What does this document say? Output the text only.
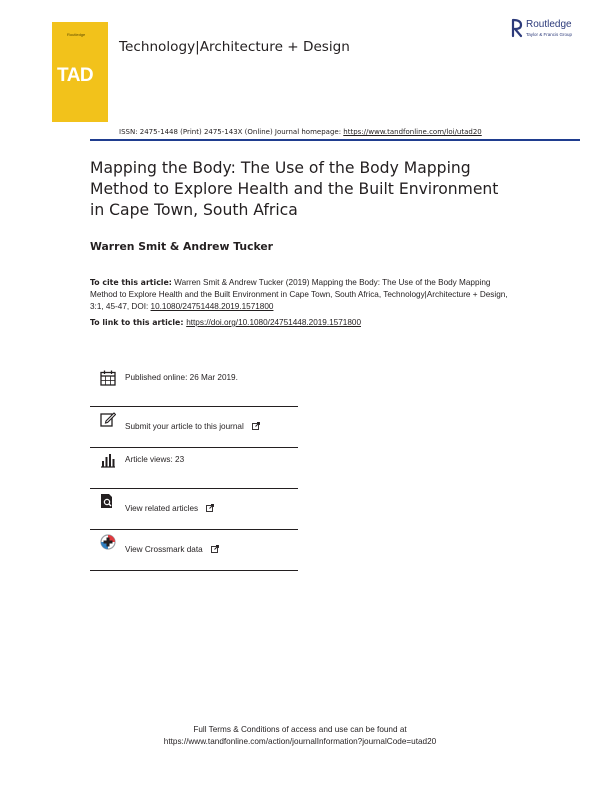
Routledge
TAD
Technology|Architecture + Design
Routledge
Taylor & Francis Group
ISSN: 2475-1448 (Print) 2475-143X (Online) Journal homepage: https://www.tandfonline.com/loi/utad20
Mapping the Body: The Use of the Body Mapping Method to Explore Health and the Built Environment in Cape Town, South Africa
Warren Smit & Andrew Tucker
To cite this article: Warren Smit & Andrew Tucker (2019) Mapping the Body: The Use of the Body Mapping Method to Explore Health and the Built Environment in Cape Town, South Africa, Technology|Architecture + Design, 3:1, 45-47, DOI: 10.1080/24751448.2019.1571800
To link to this article: https://doi.org/10.1080/24751448.2019.1571800
Published online: 26 Mar 2019.
Submit your article to this journal
Article views: 23
View related articles
View Crossmark data
Full Terms & Conditions of access and use can be found at
https://www.tandfonline.com/action/journalInformation?journalCode=utad20
